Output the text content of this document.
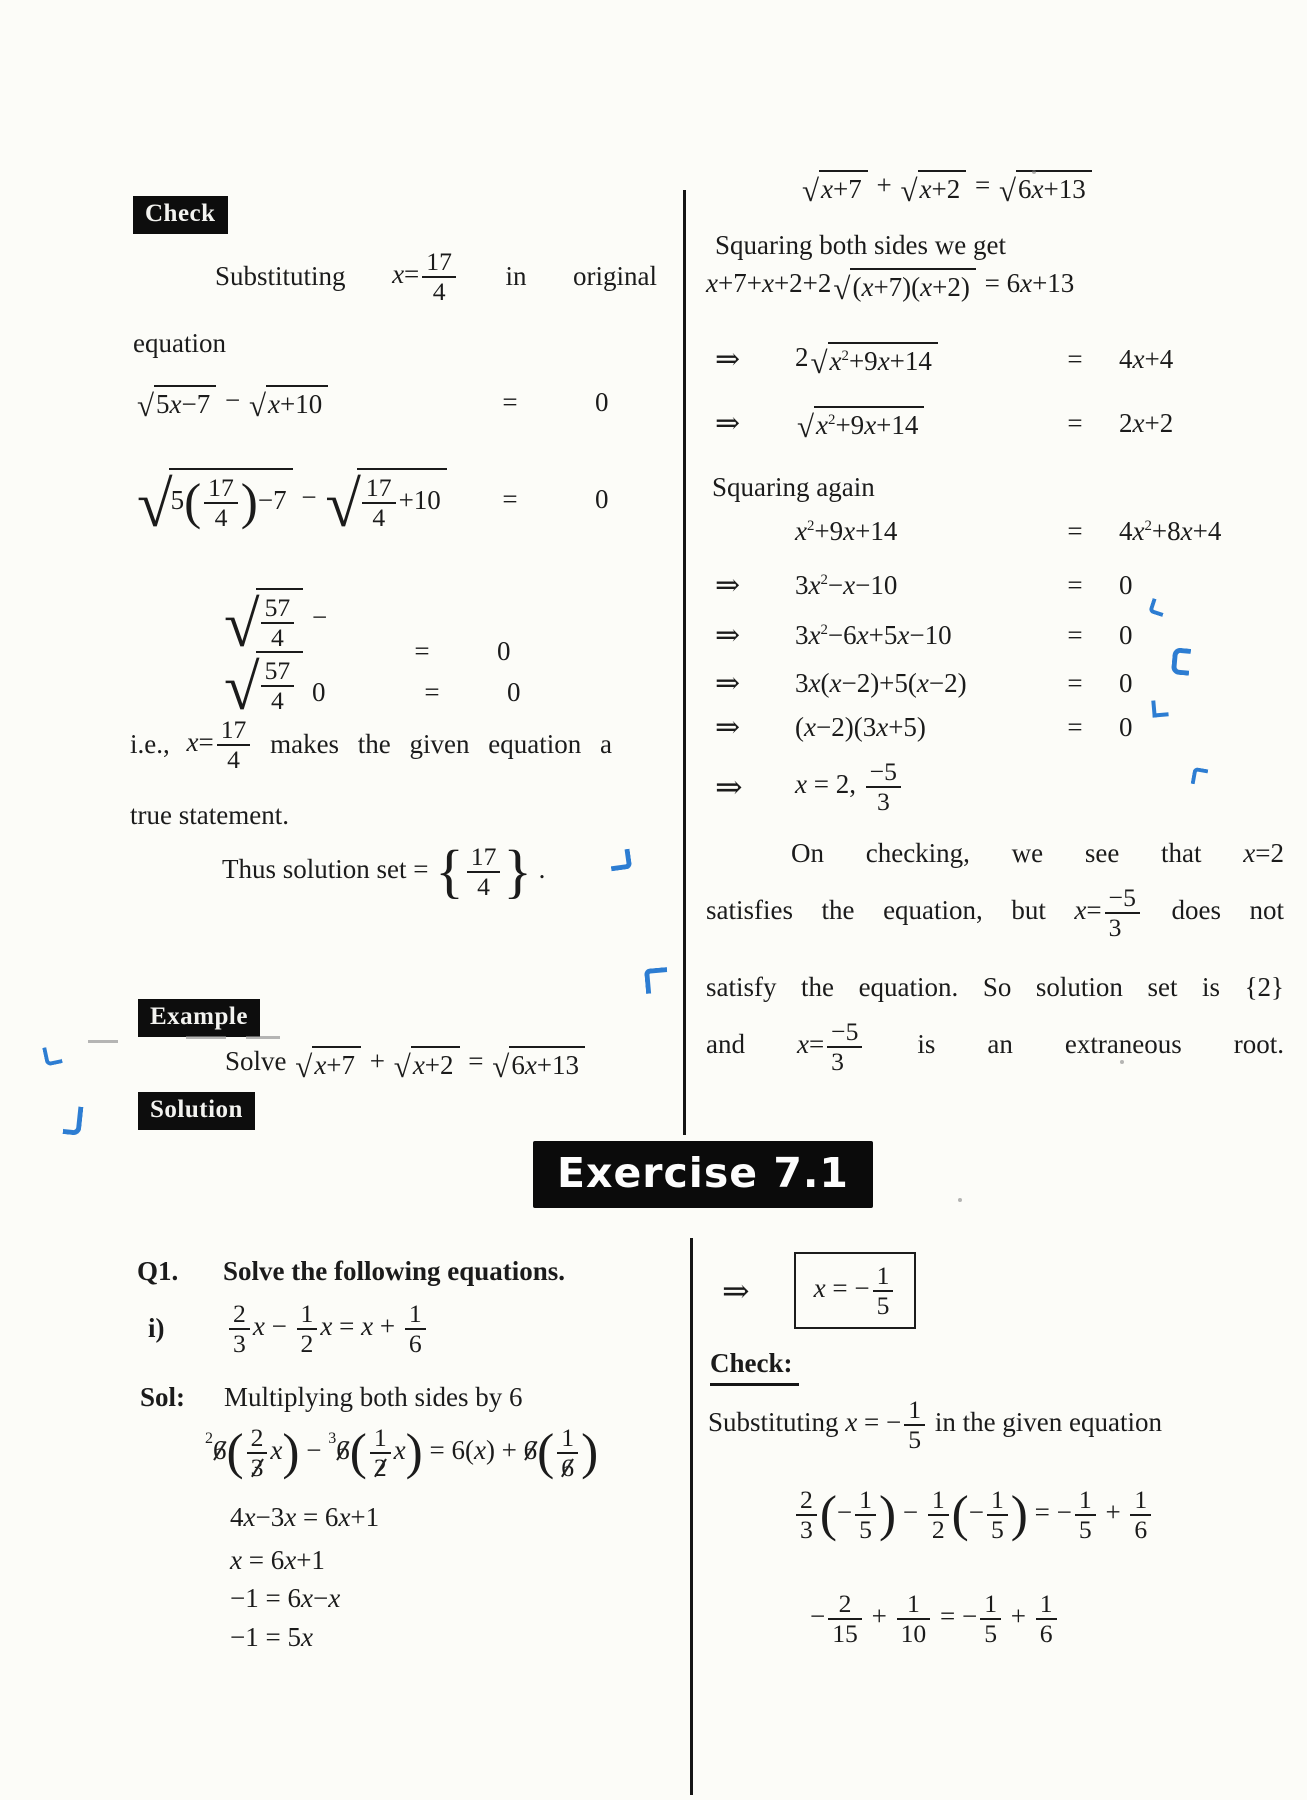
Check
Substituting $x= \frac{17}{4}$ in original
equation
√ 5x−7 − √ x+10	=	0
√
$5( \frac{17}{4} )-7$ − √ $\frac{17}{4} +10$	=	0
√ $\frac{57}{4}$ −
√ $\frac{57}{4}$
=	0
0	=	0
i.e., $x= \frac{17}{4}$ makes the given equation a
true statement.
Thus solution set = { $\frac{17}{4}$ } .
Example
Solve √ x+7 + √ x+2 = √ 6x+13
Solution
√ x+7 + √ x+2 = √ 6x+13
Squaring both sides we get
x+7+x+2+2 √ (x+7)(x+2) = 6x+13
⇒	2 √ $x^2+9x+14$	=	4x+4
⇒	√ $x^2+9x+14$	=	2x+2
Squaring again
$x^2+9x+14$	=	$4x^2+8x+4$
⇒	$3x^2-x-10$	=	0
⇒	$3x^2-6x+5x-10$	=	0
⇒	3x(x−2)+5(x−2)	=	0
⇒	(x−2)(3x+5)	=	0
⇒	x = 2, $\frac{-5}{3}$
On checking, we see that x=2
satisfies the equation, but $x= \frac{-5}{3}$ does not
satisfy the equation. So solution set is {2}
and $x= \frac{-5}{3}$ is an extraneous root.
Exercise 7.1
Q1.	Solve the following equations.
i)	$\frac{2}{3}$ $x - \frac{1}{2}$ $x = x + \frac{1}{6}$
Sol:	Multiplying both sides by 6
$^26( \frac{2}{3} x) - ^36( \frac{1}{2} x) = 6(x) + 6( \frac{1}{6}$ )
4x−3x = 6x+1
x = 6x+1
−1 = 6x−x
−1 = 5x
⇒	x = − $\frac{1}{5}$
Check:
Substituting x = − $\frac{1}{5}$ in the given equation
$\frac{2}{3}$ (− $\frac{1}{5}$ ) − $\frac{1}{2}$ (− $\frac{1}{5}$ ) = − $\frac{1}{5} + \frac{1}{6}$
− $\frac{2}{15} + \frac{1}{10}$ = − $\frac{1}{5} + \frac{1}{6}$
